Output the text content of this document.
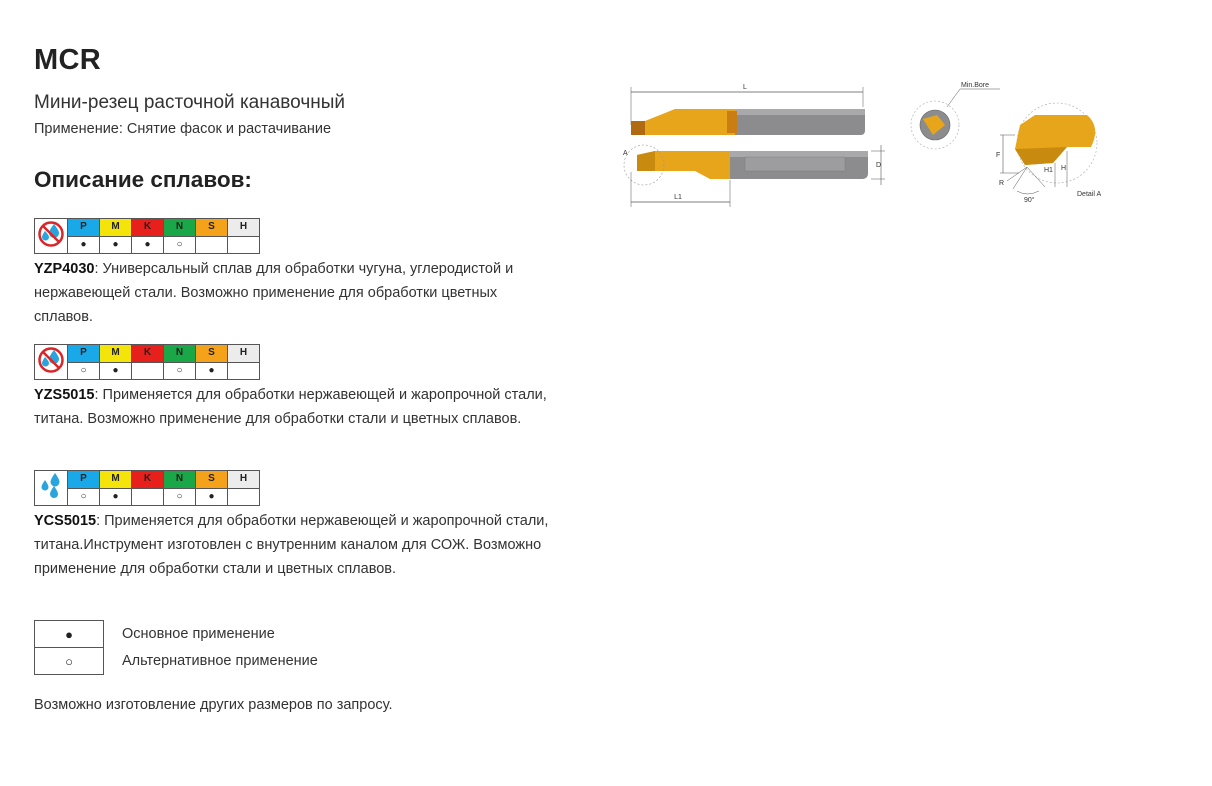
MCR
Мини-резец расточной канавочный
Применение: Снятие фасок и растачивание
Описание сплавов:
	P	M	K	N	S	H
	●	●	●	○		
YZP4030: Универсальный сплав для обработки чугуна, углеродистой и нержавеющей стали. Возможно применение для обработки цветных сплавов.
	P	M	K	N	S	H
	○	●		○	●	
YZS5015: Применяется для обработки нержавеющей и жаропрочной стали, титана. Возможно применение для обработки стали и цветных сплавов.
	P	M	K	N	S	H
	○	●		○	●	
YCS5015: Применяется для обработки нержавеющей и жаропрочной стали, титана.Инструмент изготовлен с внутренним каналом для СОЖ. Возможно применение для обработки стали и цветных сплавов.
●	Основное применение
○	Альтернативное применение
Возможно изготовление других размеров по запросу.
L
A
D
L1
Min.Bore
F
H1 H
R
90°
Detail A
